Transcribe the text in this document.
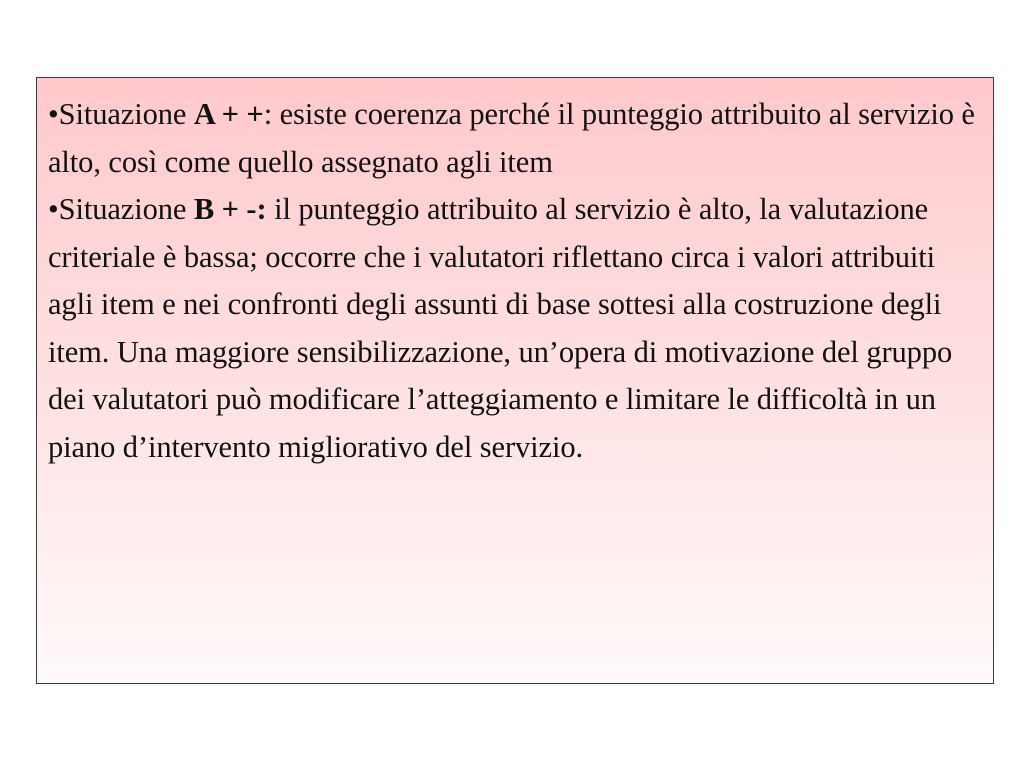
•Situazione A + +: esiste coerenza perché il punteggio attribuito al servizio è alto, così come quello assegnato agli item

•Situazione B + -: il punteggio attribuito al servizio è alto, la valutazione criteriale è bassa; occorre che i valutatori riflettano circa i valori attribuiti agli item e nei confronti degli assunti di base sottesi alla costruzione degli item. Una maggiore sensibilizzazione, un’opera di motivazione del gruppo dei valutatori può modificare l’atteggiamento e limitare le difficoltà in un piano d’intervento migliorativo del servizio.
